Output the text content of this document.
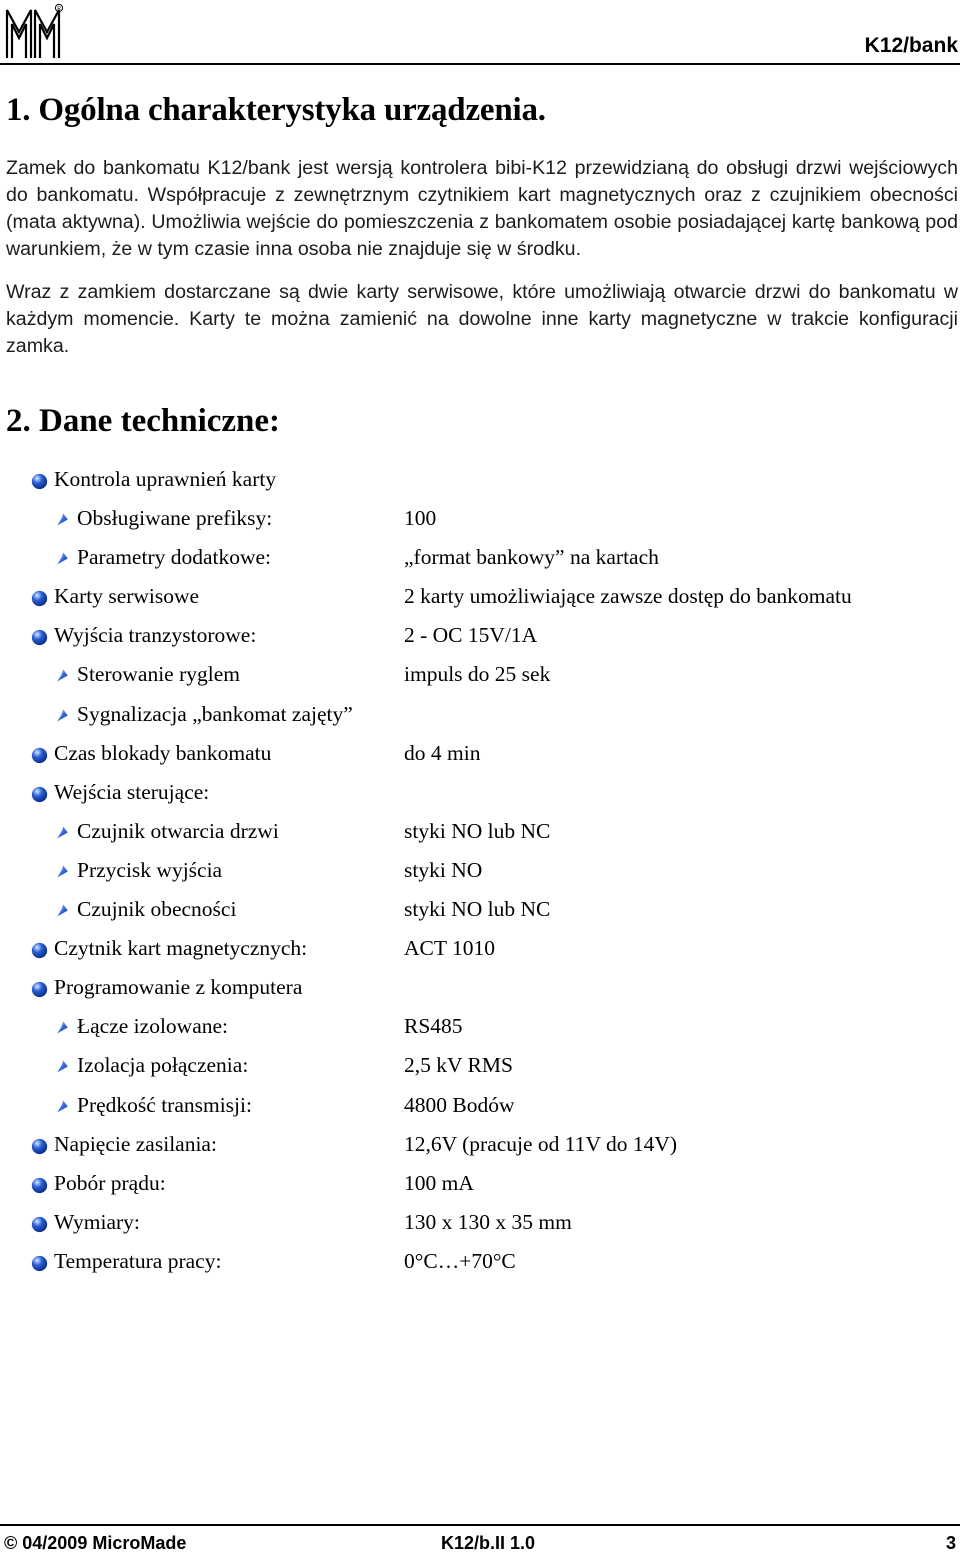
R
K12/bank
1. Ogólna charakterystyka urządzenia.

Zamek do bankomatu K12/bank jest wersją kontrolera bibi-K12 przewidzianą do obsługi drzwi wejściowych do bankomatu. Współpracuje z zewnętrznym czytnikiem kart magnetycznych oraz z czujnikiem obecności (mata aktywna). Umożliwia wejście do pomieszczenia z bankomatem osobie posiadającej kartę bankową pod warunkiem, że w tym czasie inna osoba nie znajduje się w środku.

Wraz z zamkiem dostarczane są dwie karty serwisowe, które umożliwiają otwarcie drzwi do bankomatu w każdym momencie. Karty te można zamienić na dowolne inne karty magnetyczne w trakcie konfiguracji zamka.

2. Dane techniczne:
Kontrola uprawnień karty
Obsługiwane prefiksy:	100
Parametry dodatkowe:	„format bankowy” na kartach
Karty serwisowe	2 karty umożliwiające zawsze dostęp do bankomatu
Wyjścia tranzystorowe:	2 - OC 15V/1A
Sterowanie ryglem	impuls do 25 sek
Sygnalizacja „bankomat zajęty”
Czas blokady bankomatu	do 4 min
Wejścia sterujące:
Czujnik otwarcia drzwi	styki NO lub NC
Przycisk wyjścia	styki NO
Czujnik obecności	styki NO lub NC
Czytnik kart magnetycznych:	ACT 1010
Programowanie z komputera
Łącze izolowane:	RS485
Izolacja połączenia:	2,5 kV RMS
Prędkość transmisji:	4800 Bodów
Napięcie zasilania:	12,6V (pracuje od 11V do 14V)
Pobór prądu:	100 mA
Wymiary:	130 x 130 x 35 mm
Temperatura pracy:	0°C…+70°C
© 04/2009 MicroMade	K12/b.II 1.0	3
